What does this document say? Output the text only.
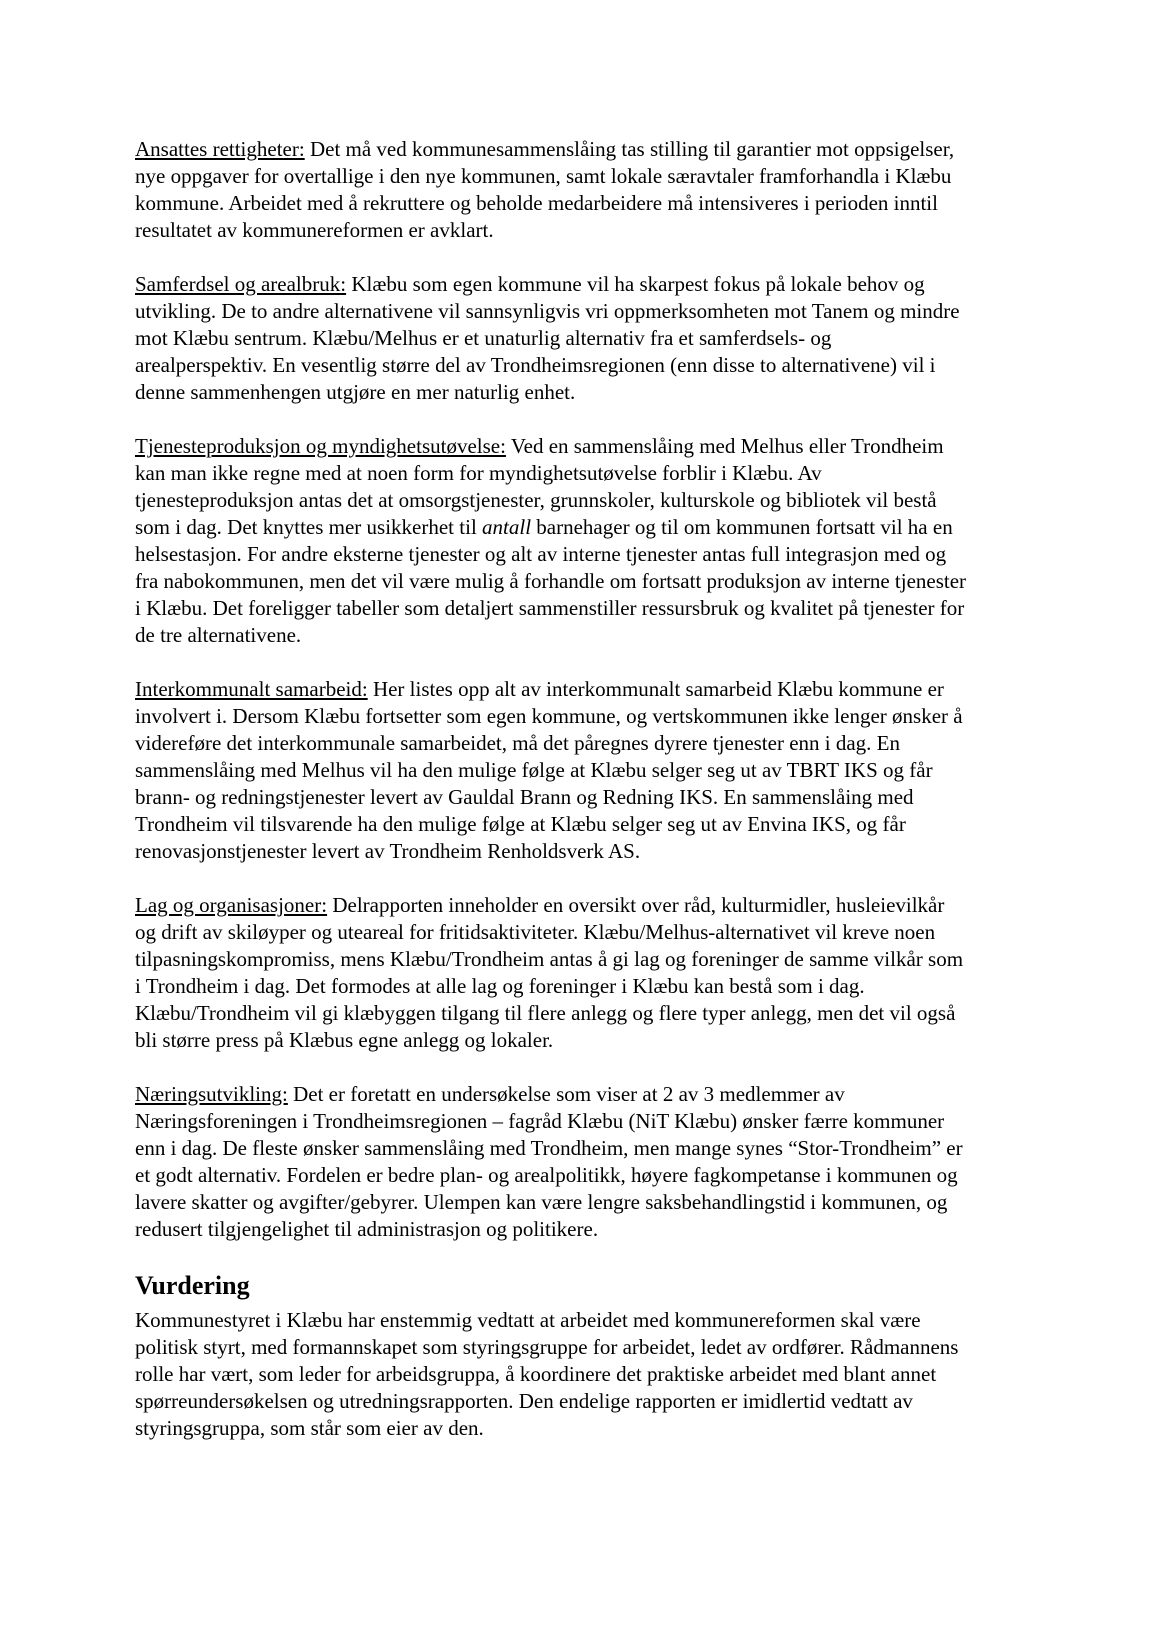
Ansattes rettigheter: Det må ved kommunesammenslåing tas stilling til garantier mot oppsigelser, nye oppgaver for overtallige i den nye kommunen, samt lokale særavtaler framforhandla i Klæbu kommune. Arbeidet med å rekruttere og beholde medarbeidere må intensiveres i perioden inntil resultatet av kommunereformen er avklart.

Samferdsel og arealbruk: Klæbu som egen kommune vil ha skarpest fokus på lokale behov og utvikling. De to andre alternativene vil sannsynligvis vri oppmerksomheten mot Tanem og mindre mot Klæbu sentrum. Klæbu/Melhus er et unaturlig alternativ fra et samferdsels- og arealperspektiv. En vesentlig større del av Trondheimsregionen (enn disse to alternativene) vil i denne sammenhengen utgjøre en mer naturlig enhet.

Tjenesteproduksjon og myndighetsutøvelse: Ved en sammenslåing med Melhus eller Trondheim kan man ikke regne med at noen form for myndighetsutøvelse forblir i Klæbu. Av tjenesteproduksjon antas det at omsorgstjenester, grunnskoler, kulturskole og bibliotek vil bestå som i dag. Det knyttes mer usikkerhet til antall barnehager og til om kommunen fortsatt vil ha en helsestasjon. For andre eksterne tjenester og alt av interne tjenester antas full integrasjon med og fra nabokommunen, men det vil være mulig å forhandle om fortsatt produksjon av interne tjenester i Klæbu. Det foreligger tabeller som detaljert sammenstiller ressursbruk og kvalitet på tjenester for de tre alternativene.

Interkommunalt samarbeid: Her listes opp alt av interkommunalt samarbeid Klæbu kommune er involvert i. Dersom Klæbu fortsetter som egen kommune, og vertskommunen ikke lenger ønsker å videreføre det interkommunale samarbeidet, må det påregnes dyrere tjenester enn i dag. En sammenslåing med Melhus vil ha den mulige følge at Klæbu selger seg ut av TBRT IKS og får brann- og redningstjenester levert av Gauldal Brann og Redning IKS. En sammenslåing med Trondheim vil tilsvarende ha den mulige følge at Klæbu selger seg ut av Envina IKS, og får renovasjonstjenester levert av Trondheim Renholdsverk AS.

Lag og organisasjoner: Delrapporten inneholder en oversikt over råd, kulturmidler, husleievilkår og drift av skiløyper og uteareal for fritidsaktiviteter. Klæbu/Melhus-alternativet vil kreve noen tilpasningskompromiss, mens Klæbu/Trondheim antas å gi lag og foreninger de samme vilkår som i Trondheim i dag. Det formodes at alle lag og foreninger i Klæbu kan bestå som i dag. Klæbu/Trondheim vil gi klæbyggen tilgang til flere anlegg og flere typer anlegg, men det vil også bli større press på Klæbus egne anlegg og lokaler.

Næringsutvikling: Det er foretatt en undersøkelse som viser at 2 av 3 medlemmer av Næringsforeningen i Trondheimsregionen – fagråd Klæbu (NiT Klæbu) ønsker færre kommuner enn i dag. De fleste ønsker sammenslåing med Trondheim, men mange synes “Stor-Trondheim” er et godt alternativ. Fordelen er bedre plan- og arealpolitikk, høyere fagkompetanse i kommunen og lavere skatter og avgifter/gebyrer. Ulempen kan være lengre saksbehandlingstid i kommunen, og redusert tilgjengelighet til administrasjon og politikere.

Vurdering

Kommunestyret i Klæbu har enstemmig vedtatt at arbeidet med kommunereformen skal være politisk styrt, med formannskapet som styringsgruppe for arbeidet, ledet av ordfører. Rådmannens rolle har vært, som leder for arbeidsgruppa, å koordinere det praktiske arbeidet med blant annet spørreundersøkelsen og utredningsrapporten. Den endelige rapporten er imidlertid vedtatt av styringsgruppa, som står som eier av den.
